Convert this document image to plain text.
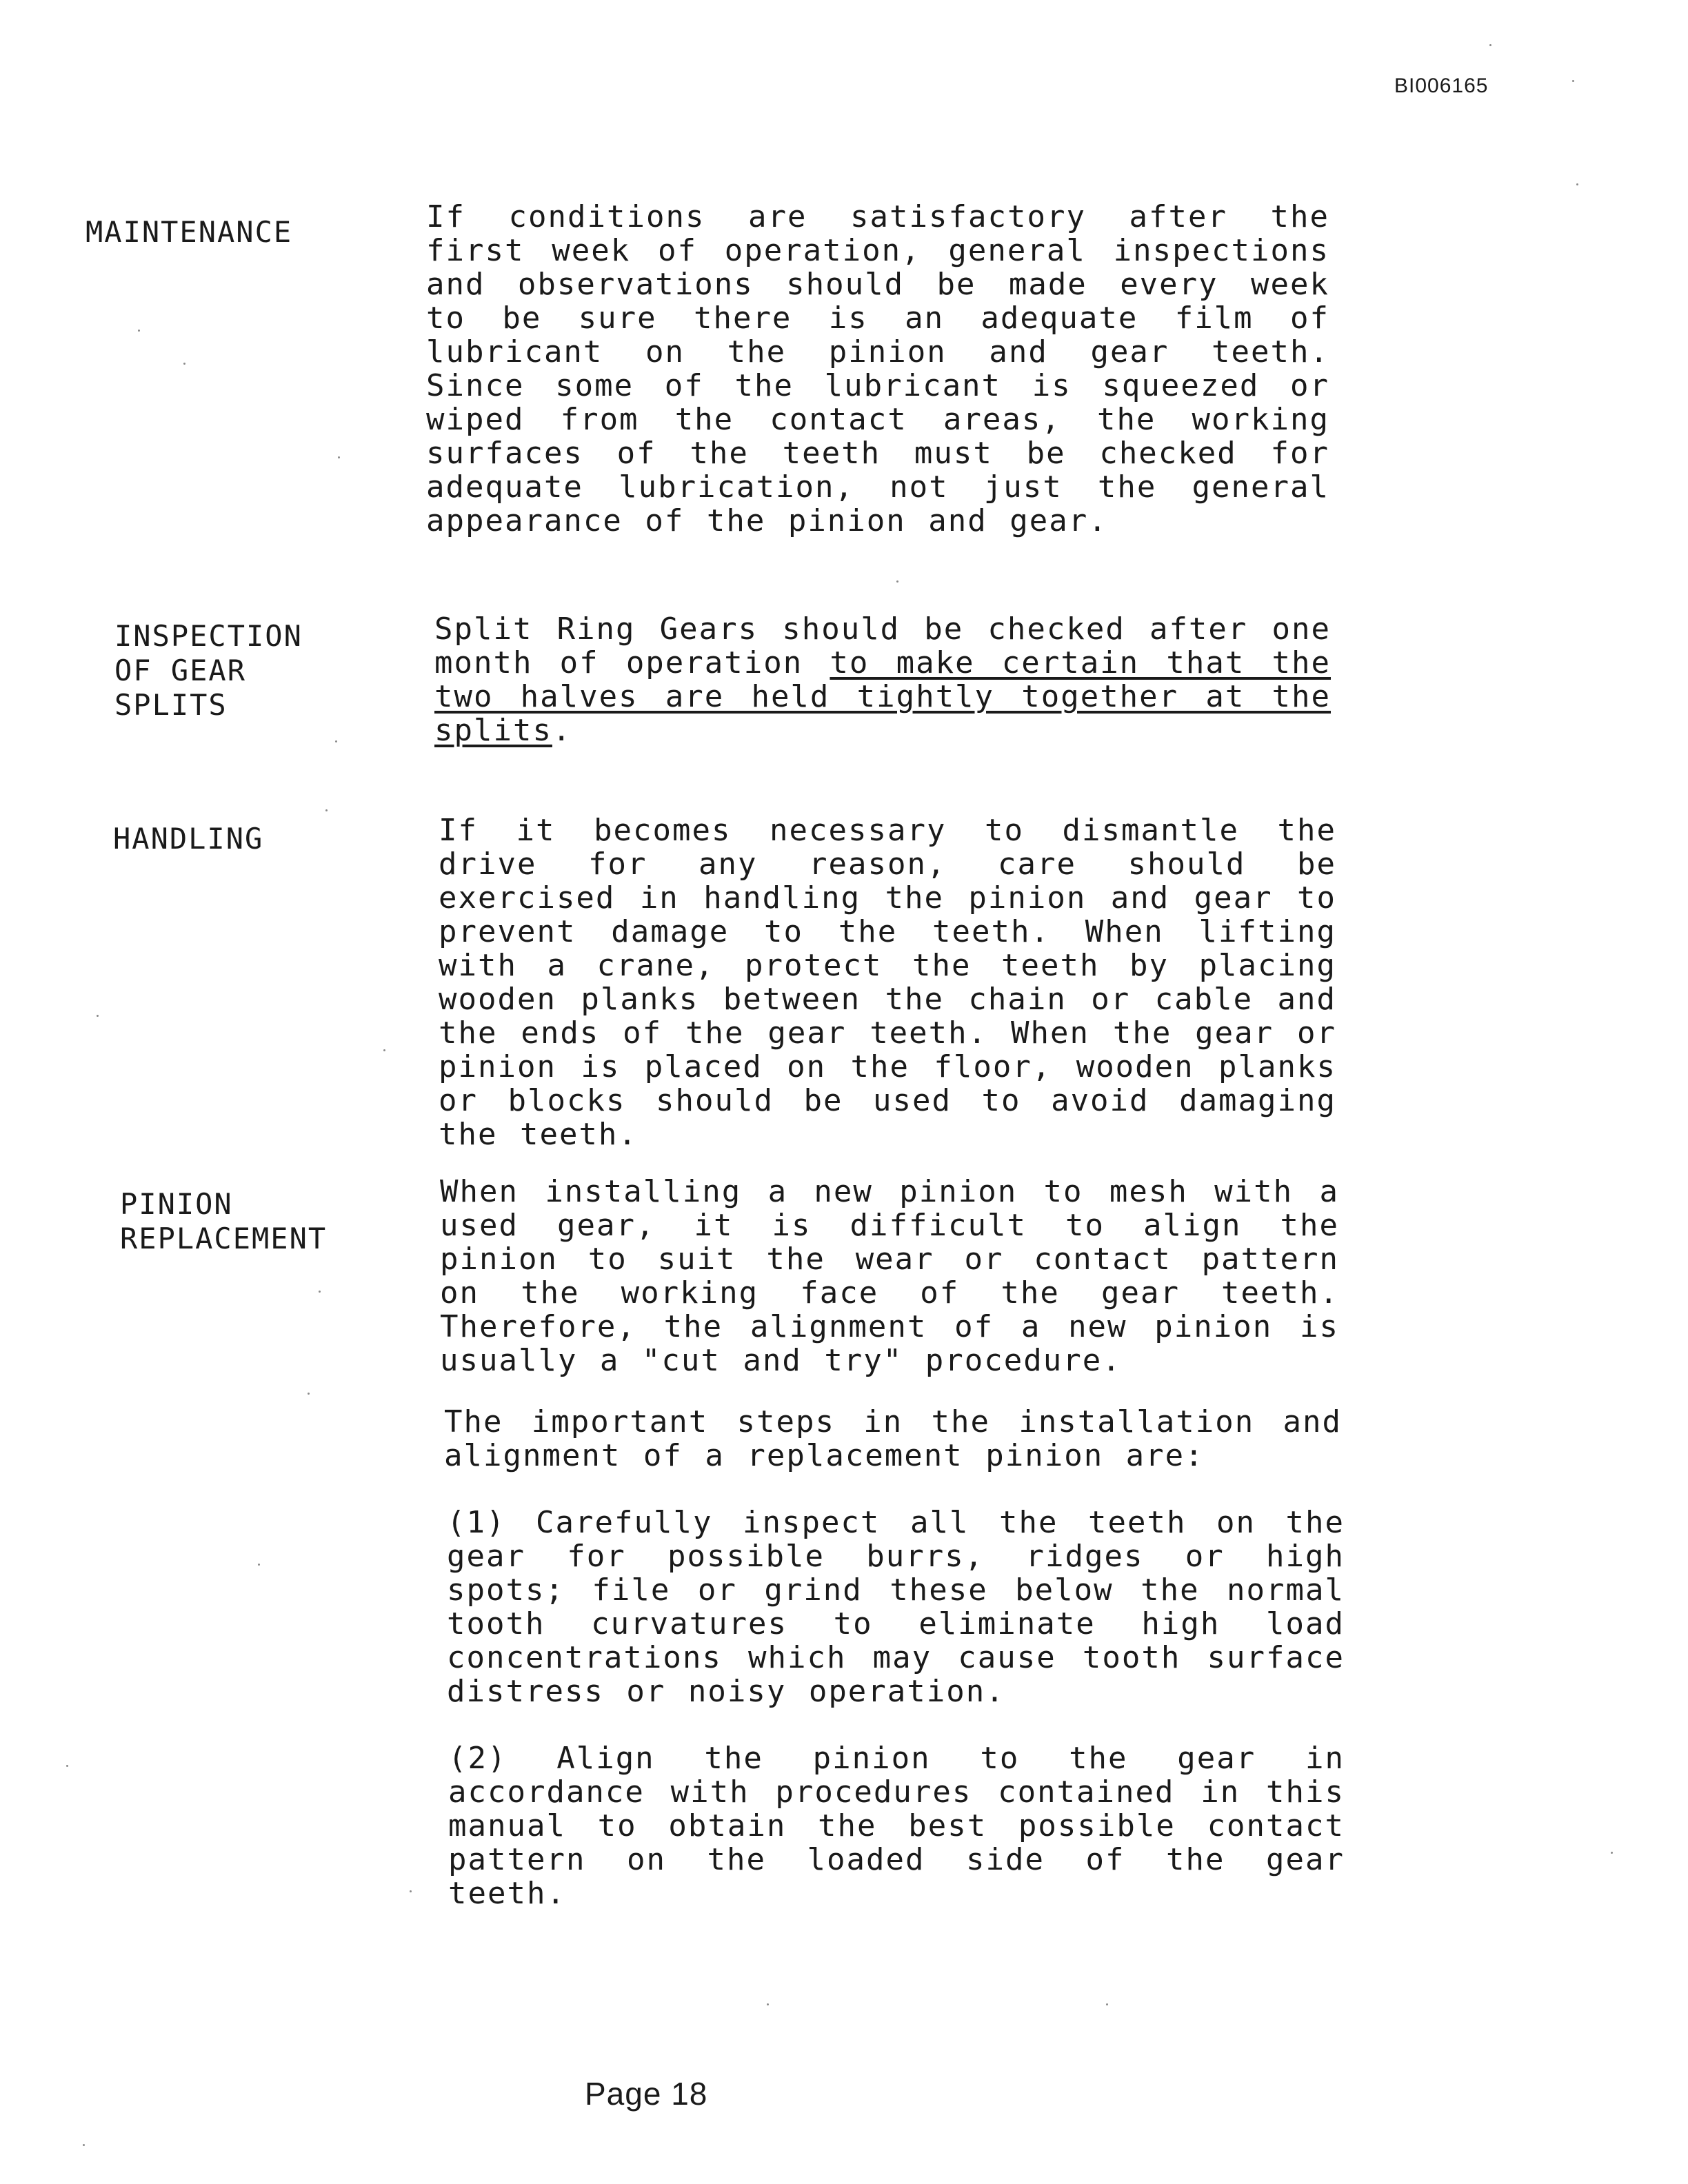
BI006165
MAINTENANCE	If conditions are satisfactory after the first week of operation, general inspections and observations should be made every week to be sure there is an adequate film of lubricant on the pinion and gear teeth. Since some of the lubricant is squeezed or wiped from the contact areas, the working surfaces of the teeth must be checked for adequate lubrication, not just the general appearance of the pinion and gear.
INSPECTION
OF GEAR
SPLITS
Split Ring Gears should be checked after one month of operation to make certain that the two halves are held tightly together at the splits.
HANDLING	If it becomes necessary to dismantle the drive for any reason, care should be exercised in handling the pinion and gear to prevent damage to the teeth. When lifting with a crane, protect the teeth by placing wooden planks between the chain or cable and the ends of the gear teeth. When the gear or pinion is placed on the floor, wooden planks or blocks should be used to avoid damaging the teeth.
PINION
REPLACEMENT
When installing a new pinion to mesh with a used gear, it is difficult to align the pinion to suit the wear or contact pattern on the working face of the gear teeth. Therefore, the alignment of a new pinion is usually a "cut and try" procedure.
The important steps in the installation and alignment of a replacement pinion are:
(1) Carefully inspect all the teeth on the gear for possible burrs, ridges or high spots; file or grind these below the normal tooth curvatures to eliminate high load concentrations which may cause tooth surface distress or noisy operation.
(2) Align the pinion to the gear in accordance with procedures contained in this manual to obtain the best possible contact pattern on the loaded side of the gear teeth.
Page 18
